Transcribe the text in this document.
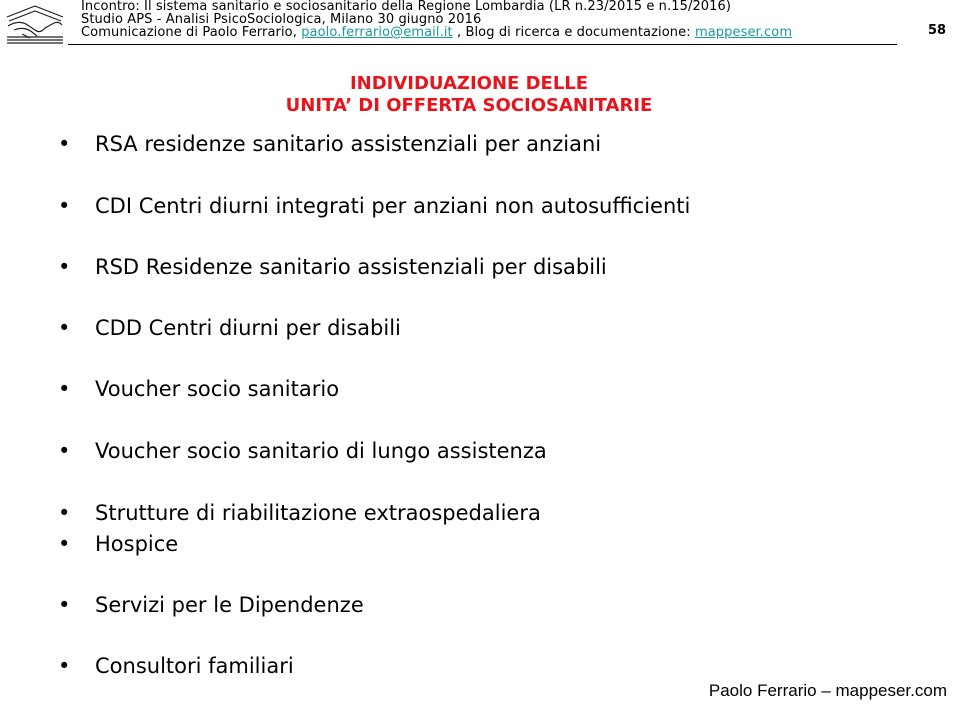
Incontro: Il sistema sanitario e sociosanitario della Regione Lombardia (LR n.23/2015 e n.15/2016)
Studio APS - Analisi PsicoSociologica, Milano 30 giugno 2016
Comunicazione di Paolo Ferrario, paolo.ferrario@email.it , Blog di ricerca e documentazione: mappeser.com	58
INDIVIDUAZIONE DELLE
UNITA’ DI OFFERTA SOCIOSANITARIE
• RSA residenze sanitario assistenziali per anziani
• CDI Centri diurni integrati per anziani non autosufficienti
• RSD Residenze sanitario assistenziali per disabili
• CDD Centri diurni per disabili
• Voucher socio sanitario
• Voucher socio sanitario di lungo assistenza
• Strutture di riabilitazione extraospedaliera
• Hospice
• Servizi per le Dipendenze
• Consultori familiari
Paolo Ferrario – mappeser.com
